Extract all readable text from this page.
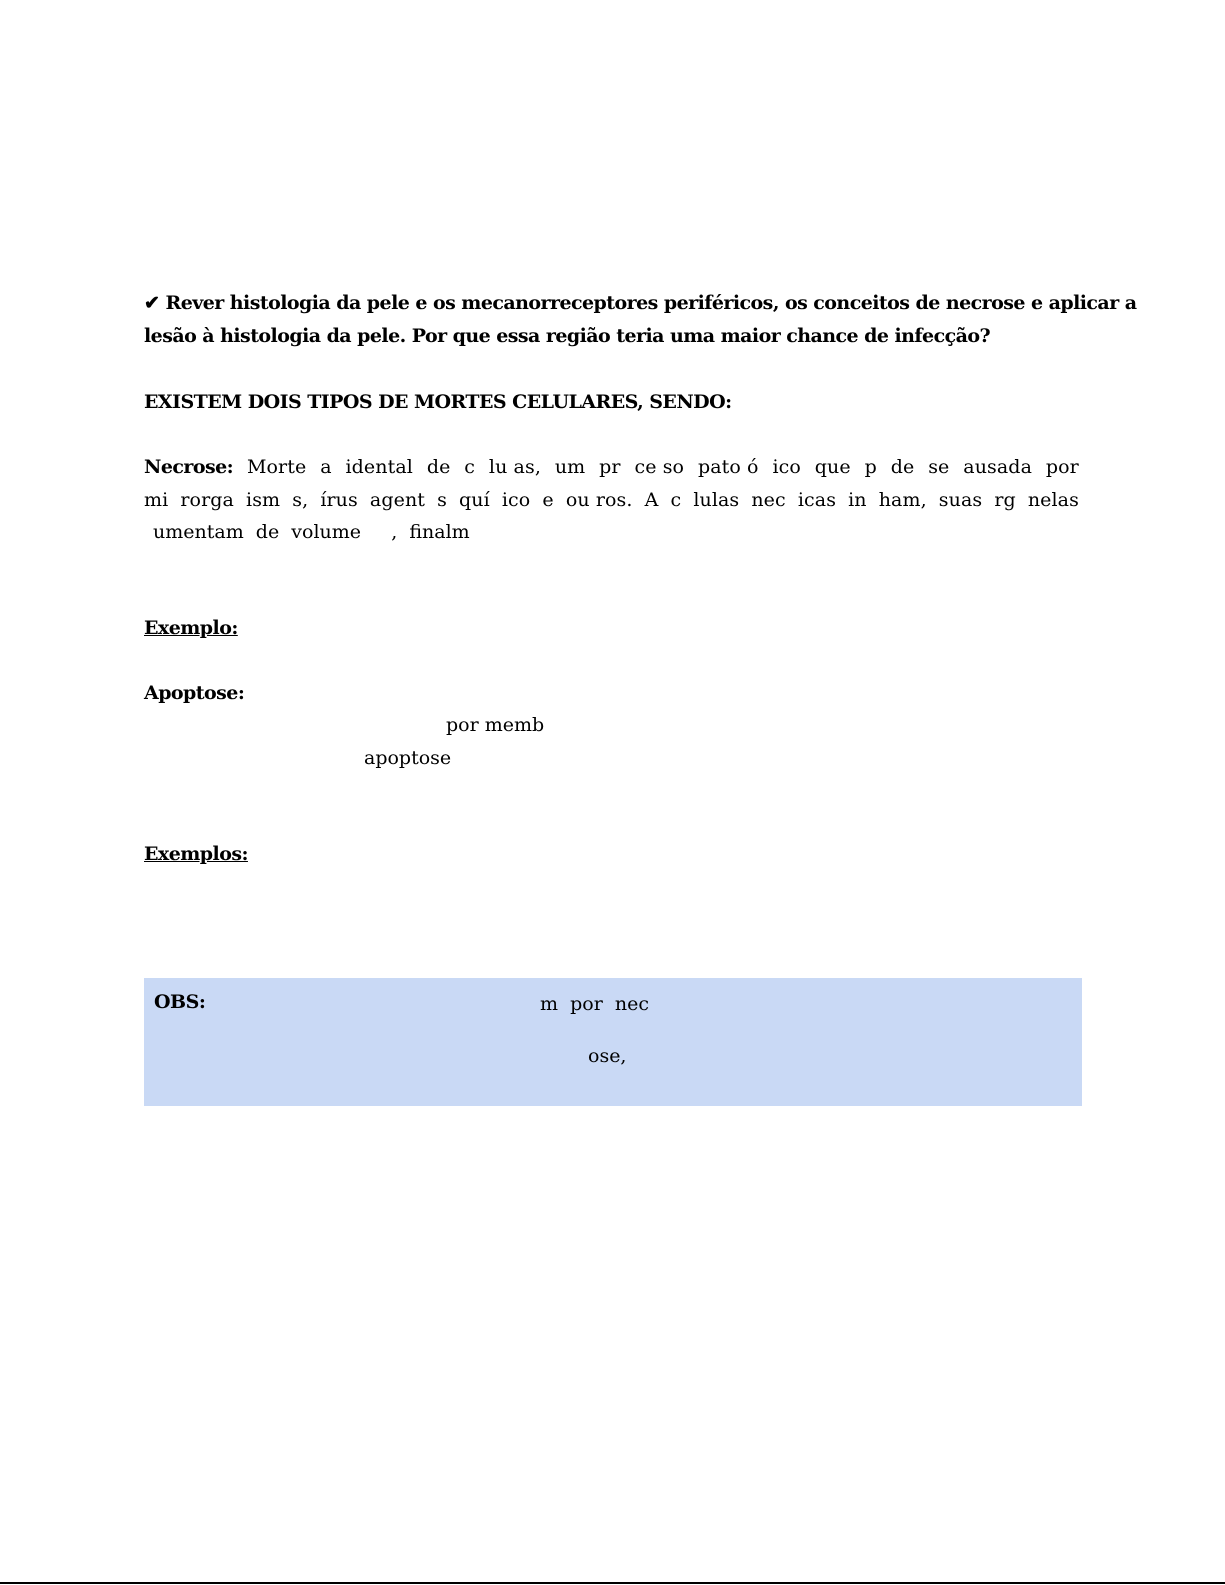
✔ Rever histologia da pele e os mecanorreceptores periféricos, os conceitos de necrose e aplicar a
lesão à histologia da pele. Por que essa região teria uma maior chance de infecção?
EXISTEM DOIS TIPOS DE MORTES CELULARES, SENDO:
Necrose: Morte a idental de c lu as, um pr ce so pato ó ico que p de se ausada por
mi rorga ism s, írus agent s quí ico e ou ros. A c lulas nec icas in ham, suas rg nelas
umentam  de  volume     ,  finalm
Exemplo:
Apoptose:
por memb
apoptose
Exemplos:
OBS:	m  por  nec
ose,
